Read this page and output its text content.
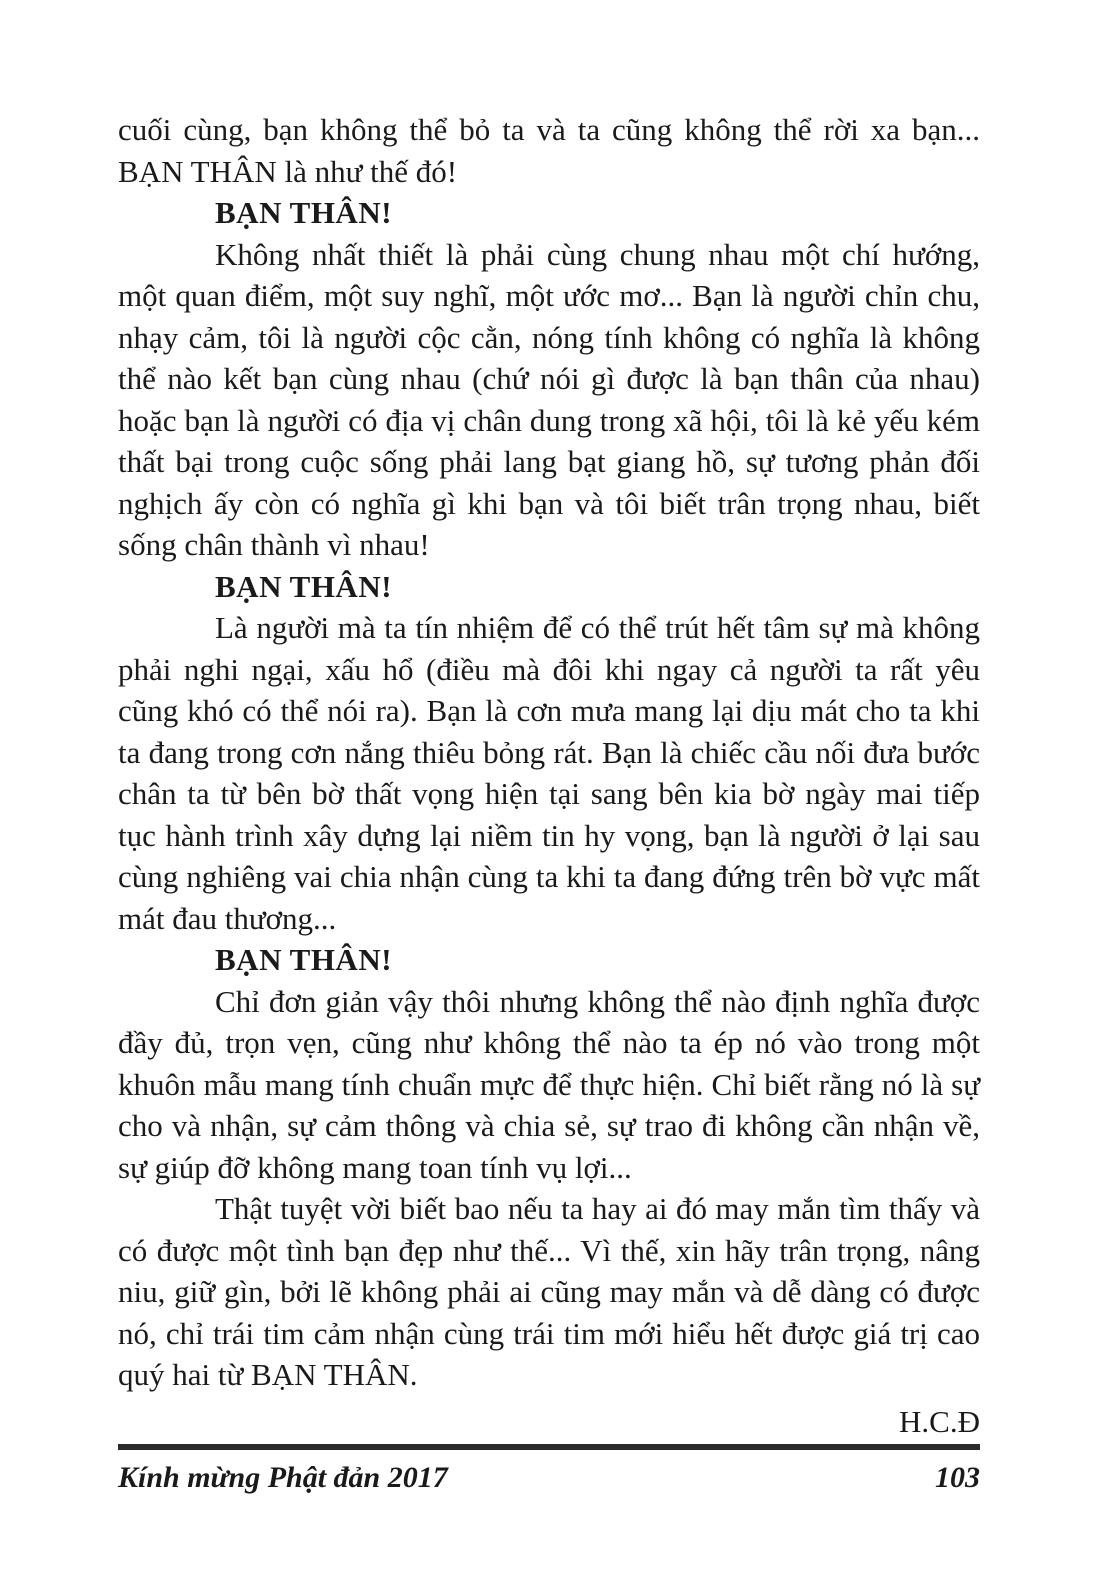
cuối cùng, bạn không thể bỏ ta và ta cũng không thể rời xa bạn... BẠN THÂN là như thế đó!

BẠN THÂN!

Không nhất thiết là phải cùng chung nhau một chí hướng, một quan điểm, một suy nghĩ, một ước mơ... Bạn là người chỉn chu, nhạy cảm, tôi là người cộc cằn, nóng tính không có nghĩa là không thể nào kết bạn cùng nhau (chứ nói gì được là bạn thân của nhau) hoặc bạn là người có địa vị chân dung trong xã hội, tôi là kẻ yếu kém thất bại trong cuộc sống phải lang bạt giang hồ, sự tương phản đối nghịch ấy còn có nghĩa gì khi bạn và tôi biết trân trọng nhau, biết sống chân thành vì nhau!

BẠN THÂN!

Là người mà ta tín nhiệm để có thể trút hết tâm sự mà không phải nghi ngại, xấu hổ (điều mà đôi khi ngay cả người ta rất yêu cũng khó có thể nói ra). Bạn là cơn mưa mang lại dịu mát cho ta khi ta đang trong cơn nắng thiêu bỏng rát. Bạn là chiếc cầu nối đưa bước chân ta từ bên bờ thất vọng hiện tại sang bên kia bờ ngày mai tiếp tục hành trình xây dựng lại niềm tin hy vọng, bạn là người ở lại sau cùng nghiêng vai chia nhận cùng ta khi ta đang đứng trên bờ vực mất mát đau thương...

BẠN THÂN!

Chỉ đơn giản vậy thôi nhưng không thể nào định nghĩa được đầy đủ, trọn vẹn, cũng như không thể nào ta ép nó vào trong một khuôn mẫu mang tính chuẩn mực để thực hiện. Chỉ biết rằng nó là sự cho và nhận, sự cảm thông và chia sẻ, sự trao đi không cần nhận về, sự giúp đỡ không mang toan tính vụ lợi...

Thật tuyệt vời biết bao nếu ta hay ai đó may mắn tìm thấy và có được một tình bạn đẹp như thế... Vì thế, xin hãy trân trọng, nâng niu, giữ gìn, bởi lẽ không phải ai cũng may mắn và dễ dàng có được nó, chỉ trái tim cảm nhận cùng trái tim mới hiểu hết được giá trị cao quý hai từ BẠN THÂN.

H.C.Đ
Kính mừng Phật đản 2017	103
